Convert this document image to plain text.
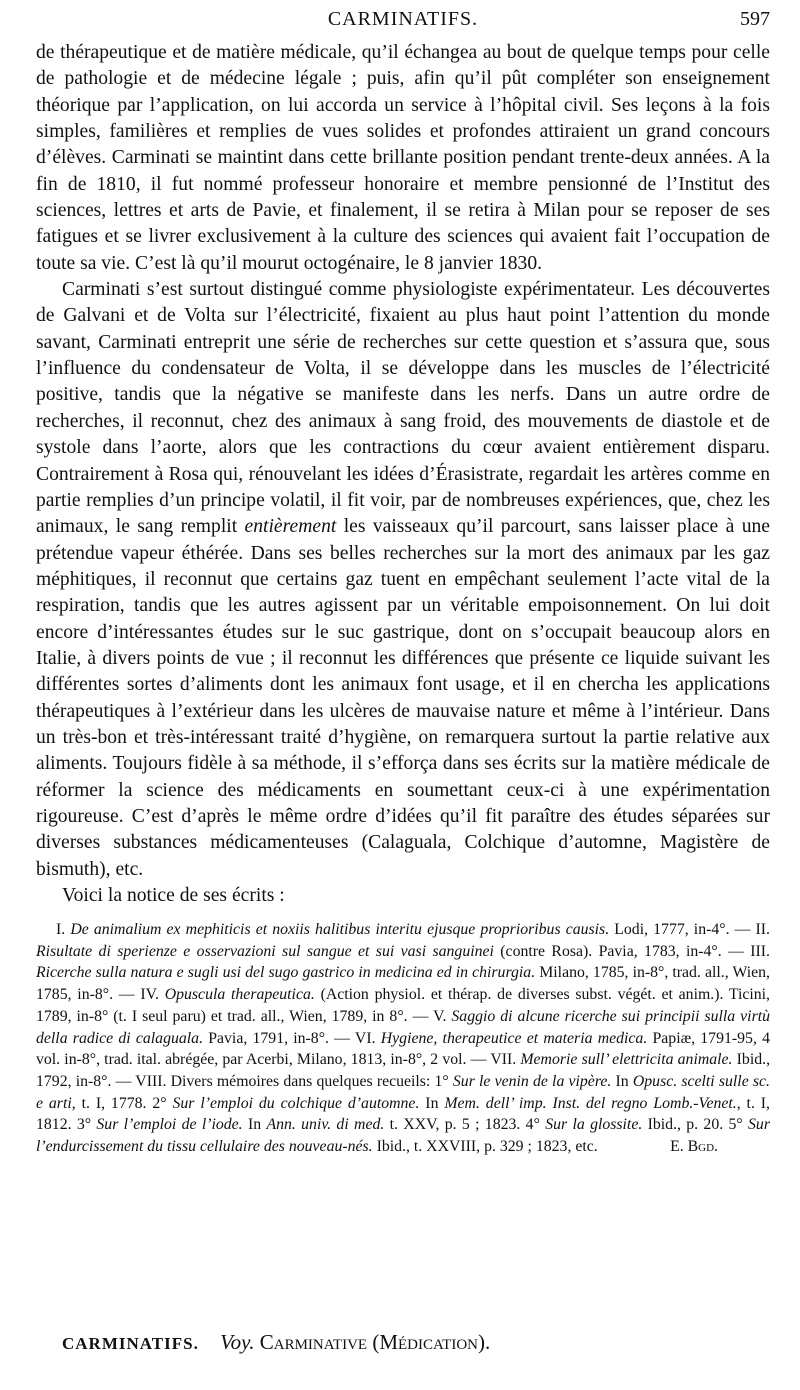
CARMINATIFS.	597
de thérapeutique et de matière médicale, qu’il échangea au bout de quelque temps pour celle de pathologie et de médecine légale ; puis, afin qu’il pût compléter son enseignement théorique par l’application, on lui accorda un service à l’hôpital civil. Ses leçons à la fois simples, familières et remplies de vues solides et profondes attiraient un grand concours d’élèves. Carminati se maintint dans cette brillante position pendant trente-deux années. A la fin de 1810, il fut nommé professeur honoraire et membre pensionné de l’Institut des sciences, lettres et arts de Pavie, et finalement, il se retira à Milan pour se reposer de ses fatigues et se livrer exclusivement à la culture des sciences qui avaient fait l’occupation de toute sa vie. C’est là qu’il mourut octogénaire, le 8 janvier 1830.
Carminati s’est surtout distingué comme physiologiste expérimentateur. Les découvertes de Galvani et de Volta sur l’électricité, fixaient au plus haut point l’attention du monde savant, Carminati entreprit une série de recherches sur cette question et s’assura que, sous l’influence du condensateur de Volta, il se développe dans les muscles de l’électricité positive, tandis que la négative se manifeste dans les nerfs. Dans un autre ordre de recherches, il reconnut, chez des animaux à sang froid, des mouvements de diastole et de systole dans l’aorte, alors que les contractions du cœur avaient entièrement disparu. Contrairement à Rosa qui, rénouvelant les idées d’Érasistrate, regardait les artères comme en partie remplies d’un principe volatil, il fit voir, par de nombreuses expériences, que, chez les animaux, le sang remplit entièrement les vaisseaux qu’il parcourt, sans laisser place à une prétendue vapeur éthérée. Dans ses belles recherches sur la mort des animaux par les gaz méphitiques, il reconnut que certains gaz tuent en empêchant seulement l’acte vital de la respiration, tandis que les autres agissent par un véritable empoisonnement. On lui doit encore d’intéressantes études sur le suc gastrique, dont on s’occupait beaucoup alors en Italie, à divers points de vue ; il reconnut les différences que présente ce liquide suivant les différentes sortes d’aliments dont les animaux font usage, et il en chercha les applications thérapeutiques à l’extérieur dans les ulcères de mauvaise nature et même à l’intérieur. Dans un très-bon et très-intéressant traité d’hygiène, on remarquera surtout la partie relative aux aliments. Toujours fidèle à sa méthode, il s’efforça dans ses écrits sur la matière médicale de réformer la science des médicaments en soumettant ceux-ci à une expérimentation rigoureuse. C’est d’après le même ordre d’idées qu’il fit paraître des études séparées sur diverses substances médicamenteuses (Calaguala, Colchique d’automne, Magistère de bismuth), etc.

Voici la notice de ses écrits :

I. De animalium ex mephiticis et noxiis halitibus interitu ejusque proprioribus causis. Lodi, 1777, in-4°. — II. Risultate di sperienze e osservazioni sul sangue et sui vasi sanguinei (contre Rosa). Pavia, 1783, in-4°. — III. Ricerche sulla natura e sugli usi del sugo gastrico in medicina ed in chirurgia. Milano, 1785, in-8°, trad. all., Wien, 1785, in-8°. — IV. Opuscula therapeutica. (Action physiol. et thérap. de diverses subst. végét. et anim.). Ticini, 1789, in-8° (t. I seul paru) et trad. all., Wien, 1789, in 8°. — V. Saggio di alcune ricerche sui principii sulla virtù della radice di calaguala. Pavia, 1791, in-8°. — VI. Hygiene, therapeutice et materia medica. Papiæ, 1791-95, 4 vol. in-8°, trad. ital. abrégée, par Acerbi, Milano, 1813, in-8°, 2 vol. — VII. Memorie sull’ elettricita animale. Ibid., 1792, in-8°. — VIII. Divers mémoires dans quelques recueils: 1° Sur le venin de la vipère. In Opusc. scelti sulle sc. e arti, t. I, 1778. 2° Sur l’emploi du colchique d’automne. In Mem. dell’ imp. Inst. del regno Lomb.-Venet., t. I, 1812. 3° Sur l’emploi de l’iode. In Ann. univ. di med. t. XXV, p. 5 ; 1823. 4° Sur la glossite. Ibid., p. 20. 5° Sur l’endurcissement du tissu cellulaire des nouveau-nés. Ibid., t. XXVIII, p. 329 ; 1823, etc.	E. Bgd.

CARMINATIFS. Voy. Carminative (Médication).
